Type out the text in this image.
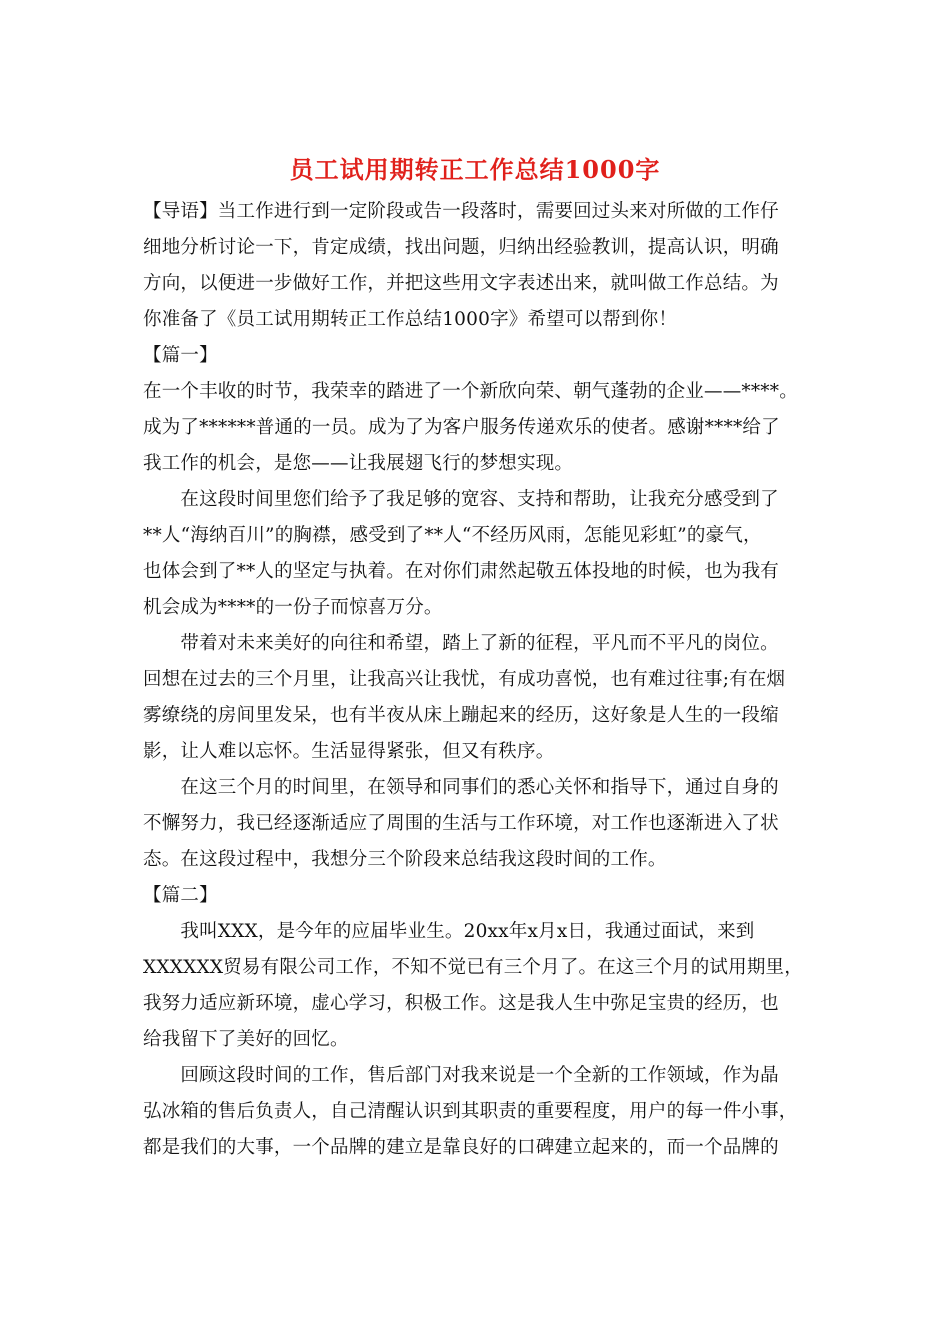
员工试用期转正工作总结1000字
【导语】当工作进行到一定阶段或告一段落时，需要回过头来对所做的工作仔
细地分析讨论一下，肯定成绩，找出问题，归纳出经验教训，提高认识，明确
方向，以便进一步做好工作，并把这些用文字表述出来，就叫做工作总结。为
你准备了《员工试用期转正工作总结1000字》希望可以帮到你！
【篇一】
在一个丰收的时节，我荣幸的踏进了一个新欣向荣、朝气蓬勃的企业——****。
成为了******普通的一员。成为了为客户服务传递欢乐的使者。感谢****给了
我工作的机会，是您——让我展翅飞行的梦想实现。
　　在这段时间里您们给予了我足够的宽容、支持和帮助，让我充分感受到了
**人“海纳百川”的胸襟，感受到了**人“不经历风雨，怎能见彩虹”的豪气，
也体会到了**人的坚定与执着。在对你们肃然起敬五体投地的时候，也为我有
机会成为****的一份子而惊喜万分。
　　带着对未来美好的向往和希望，踏上了新的征程，平凡而不平凡的岗位。
回想在过去的三个月里，让我高兴让我忧，有成功喜悦，也有难过往事;有在烟
雾缭绕的房间里发呆，也有半夜从床上蹦起来的经历，这好象是人生的一段缩
影，让人难以忘怀。生活显得紧张，但又有秩序。
　　在这三个月的时间里，在领导和同事们的悉心关怀和指导下，通过自身的
不懈努力，我已经逐渐适应了周围的生活与工作环境，对工作也逐渐进入了状
态。在这段过程中，我想分三个阶段来总结我这段时间的工作。
【篇二】
　　我叫XXX，是今年的应届毕业生。20xx年x月x日，我通过面试，来到
XXXXXX贸易有限公司工作，不知不觉已有三个月了。在这三个月的试用期里，
我努力适应新环境，虚心学习，积极工作。这是我人生中弥足宝贵的经历，也
给我留下了美好的回忆。
　　回顾这段时间的工作，售后部门对我来说是一个全新的工作领域，作为晶
弘冰箱的售后负责人，自己清醒认识到其职责的重要程度，用户的每一件小事，
都是我们的大事，一个品牌的建立是靠良好的口碑建立起来的，而一个品牌的
